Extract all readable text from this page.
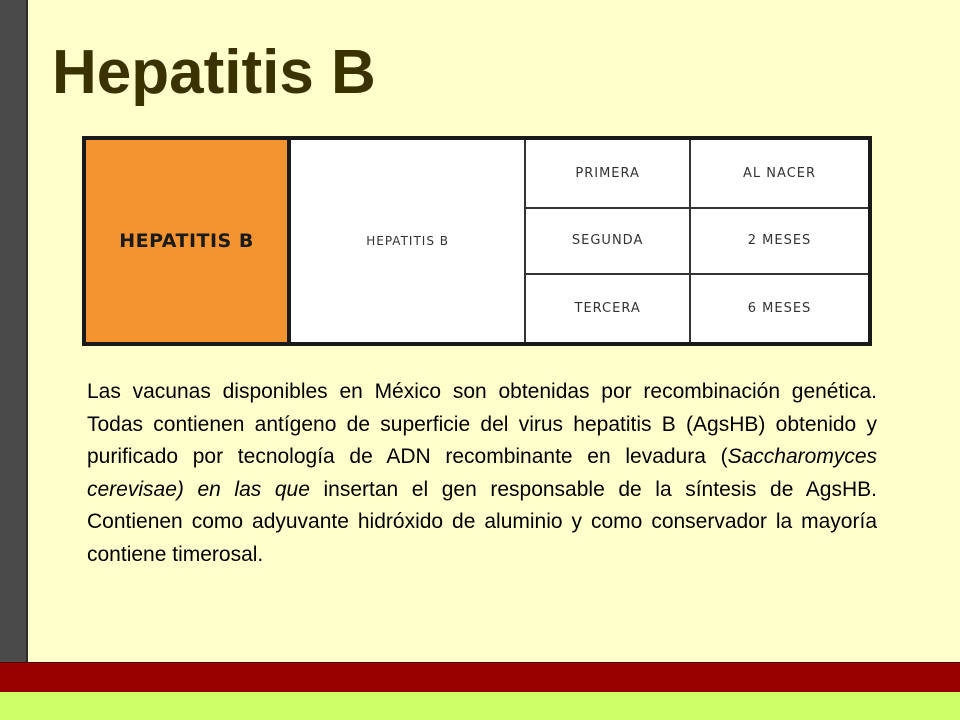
Hepatitis B
HEPATITIS B	HEPATITIS B	PRIMERA	AL NACER
		SEGUNDA	2 MESES
		TERCERA	6 MESES

Las vacunas disponibles en México son obtenidas por recombinación genética. Todas contienen antígeno de superficie del virus hepatitis B (AgsHB) obtenido y purificado por tecnología de ADN recombinante en levadura (Saccharomyces cerevisae) en las que insertan el gen responsable de la síntesis de AgsHB. Contienen como adyuvante hidróxido de aluminio y como conservador la mayoría contiene timerosal.
